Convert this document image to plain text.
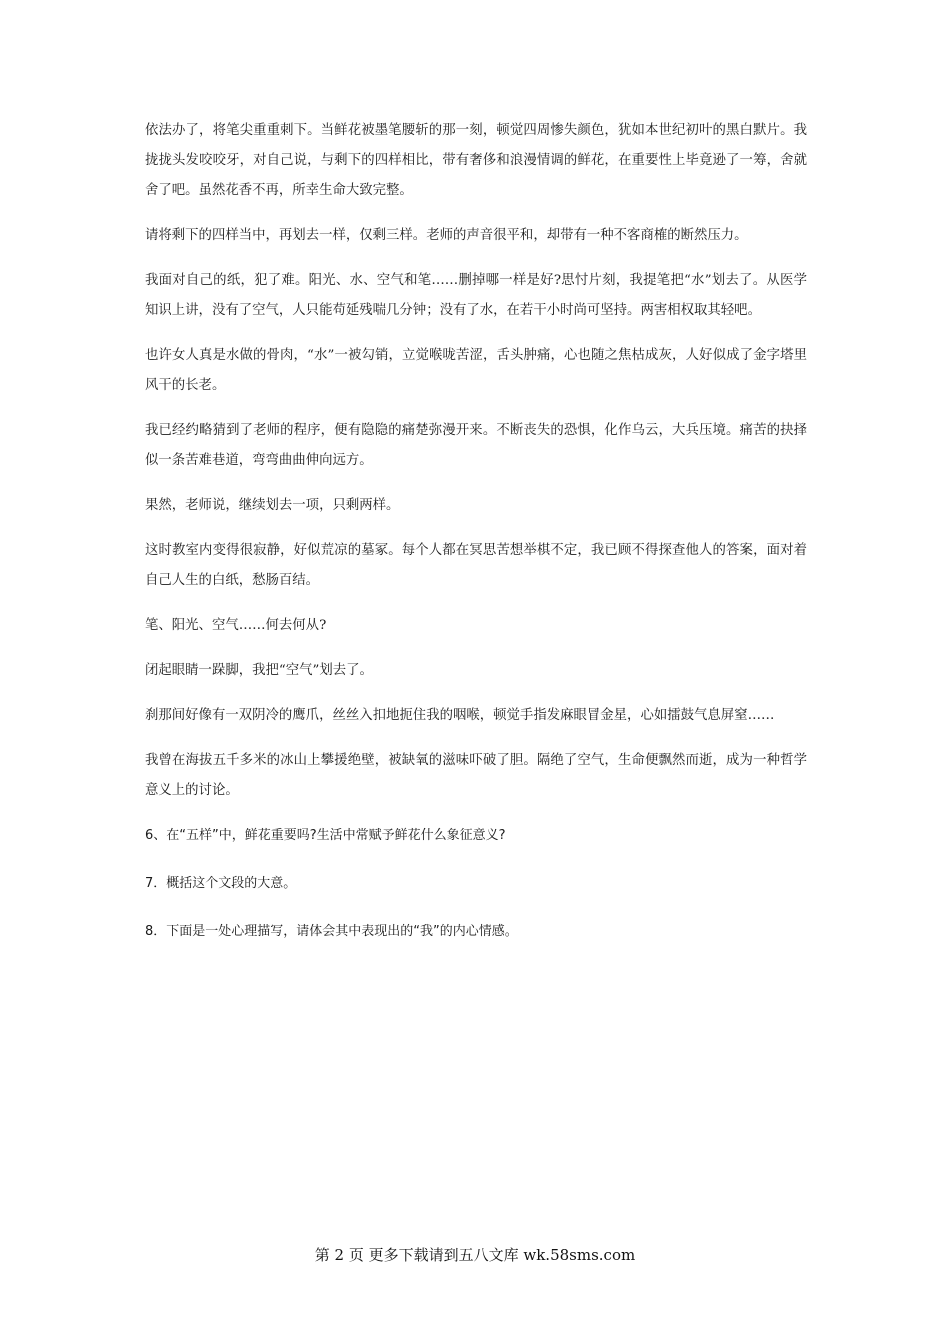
依法办了，将笔尖重重刺下。当鲜花被墨笔腰斩的那一刻，顿觉四周惨失颜色，犹如本世纪初叶的黑白默片。我拢拢头发咬咬牙，对自己说，与剩下的四样相比，带有奢侈和浪漫情调的鲜花，在重要性上毕竟逊了一筹，舍就舍了吧。虽然花香不再，所幸生命大致完整。

请将剩下的四样当中，再划去一样，仅剩三样。老师的声音很平和，却带有一种不客商榷的断然压力。

我面对自己的纸，犯了难。阳光、水、空气和笔……删掉哪一样是好?思忖片刻，我提笔把“水”划去了。从医学知识上讲，没有了空气，人只能苟延残喘几分钟；没有了水，在若干小时尚可坚持。两害相权取其轻吧。

也许女人真是水做的骨肉，“水”一被勾销，立觉喉咙苦涩，舌头肿痛，心也随之焦枯成灰，人好似成了金字塔里风干的长老。

我已经约略猜到了老师的程序，便有隐隐的痛楚弥漫开来。不断丧失的恐惧，化作乌云，大兵压境。痛苦的抉择似一条苦难巷道，弯弯曲曲伸向远方。

果然，老师说，继续划去一项，只剩两样。

这时教室内变得很寂静，好似荒凉的墓冢。每个人都在冥思苦想举棋不定，我已顾不得探查他人的答案，面对着自己人生的白纸，愁肠百结。

笔、阳光、空气……何去何从?

闭起眼睛一跺脚，我把“空气”划去了。

刹那间好像有一双阴冷的鹰爪，丝丝入扣地扼住我的咽喉，顿觉手指发麻眼冒金星，心如擂鼓气息屏窒……

我曾在海拔五千多米的冰山上攀援绝壁，被缺氧的滋味吓破了胆。隔绝了空气，生命便飘然而逝，成为一种哲学意义上的讨论。

6、在“五样”中，鲜花重要吗?生活中常赋予鲜花什么象征意义?

7．概括这个文段的大意。

8．下面是一处心理描写，请体会其中表现出的“我”的内心情感。

第 2 页 更多下载请到五八文库 wk.58sms.com
